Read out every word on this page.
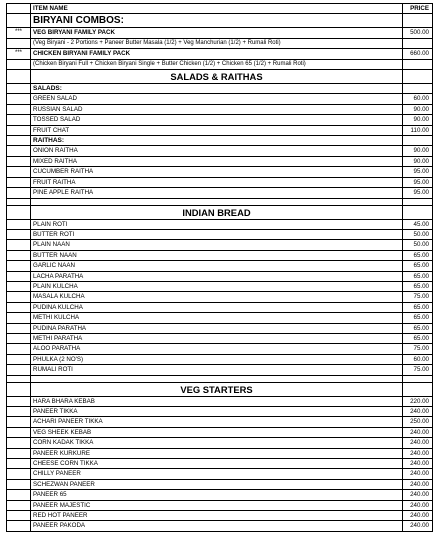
	ITEM NAME	PRICE
	BIRYANI COMBOS:	
***	VEG BIRYANI FAMILY PACK	500.00
	(Veg Biryani - 2 Portions + Paneer Butter Masala (1/2) + Veg Manchurian (1/2) + Rumali Roti)	
***	CHICKEN BIRYANI FAMILY PACK	660.00
	(Chicken Biryani Full + Chicken Biryani Single + Butter Chicken (1/2) + Chicken 65 (1/2) + Rumali Roti)	
	SALADS & RAITHAS	
	SALADS:	
	GREEN SALAD	60.00
	RUSSIAN SALAD	90.00
	TOSSED SALAD	90.00
	FRUIT CHAT	110.00
	RAITHAS:	
	ONION RAITHA	90.00
	MIXED RAITHA	90.00
	CUCUMBER RAITHA	95.00
	FRUIT RAITHA	95.00
	PINE APPLE RAITHA	95.00

	INDIAN BREAD	
	PLAIN ROTI	45.00
	BUTTER ROTI	50.00
	PLAIN NAAN	50.00
	BUTTER NAAN	65.00
	GARLIC NAAN	65.00
	LACHA PARATHA	65.00
	PLAIN KULCHA	65.00
	MASALA KULCHA	75.00
	PUDINA KULCHA	65.00
	METHI KULCHA	65.00
	PUDINA PARATHA	65.00
	METHI PARATHA	65.00
	ALOO PARATHA	75.00
	PHULKA (2 NO'S)	60.00
	RUMALI ROTI	75.00

	VEG STARTERS	
	HARA BHARA KEBAB	220.00
	PANEER TIKKA	240.00
	ACHARI PANEER TIKKA	250.00
	VEG SHEEK KEBAB	240.00
	CORN KADAK TIKKA	240.00
	PANEER KURKURE	240.00
	CHEESE CORN TIKKA	240.00
	CHILLY PANEER	240.00
	SCHEZWAN PANEER	240.00
	PANEER 65	240.00
	PANEER MAJESTIC	240.00
	RED HOT PANEER	240.00
	PANEER PAKODA	240.00
